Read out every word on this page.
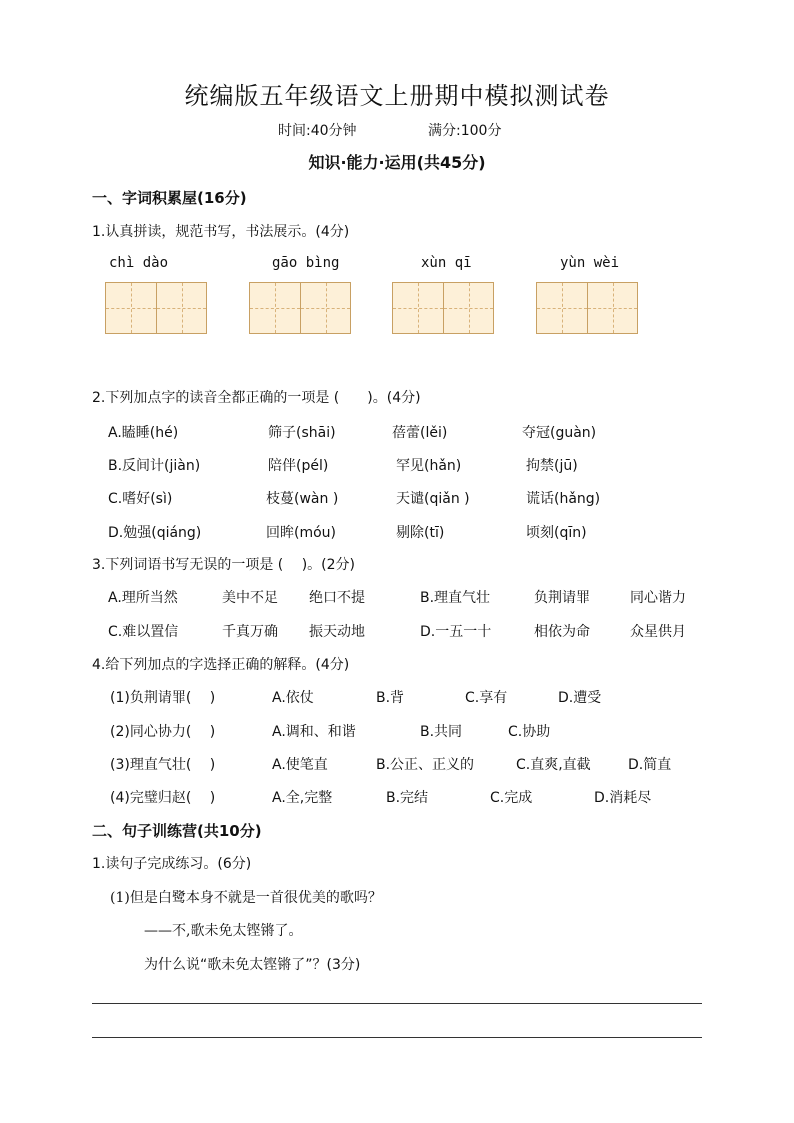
统编版五年级语文上册期中模拟测试卷
时间:40分钟	满分:100分
知识·能力·运用(共45分)
一、字词积累屋(16分)
1.认真拼读，规范书写，书法展示。(4分)
chì dào	gāo bìng	xùn qī	yùn wèi
2.下列加点字的读音全都正确的一项是 (　　)。(4分)
A.瞌睡(hé)	筛子(shāi)	蓓蕾(lěi)	夺冠(guàn)
B.反间计(jiàn)	陪伴(pél)	罕见(hǎn)	拘禁(jū)
C.嗜好(sì)	枝蔓(wàn )	天谴(qiǎn )	谎话(hǎng)
D.勉强(qiáng)	回眸(móu)	剔除(tī)	顷刻(qīn)
3.下列词语书写无误的一项是 (　 )。(2分)
A.理所当然	美中不足 绝口不提	B.理直气壮	负荆请罪	同心谐力
C.难以置信	千真万确 振天动地	D.一五一十	相依为命	众星供月
4.给下列加点的字选择正确的解释。(4分)
(1)负荆请罪(　 )	A.依仗	B.背	C.享有	D.遭受
(2)同心协力(　 )	A.调和、和谐	B.共同	C.协助
(3)理直气壮(　 )	A.使笔直	B.公正、正义的	C.直爽,直截	D.简直
(4)完璧归赵(　 )	A.全,完整	B.完结	C.完成	D.消耗尽
二、句子训练营(共10分)
1.读句子完成练习。(6分)
(1)但是白鹭本身不就是一首很优美的歌吗？
——不,歌未免太铿锵了。
为什么说“歌未免太铿锵了”？(3分)
